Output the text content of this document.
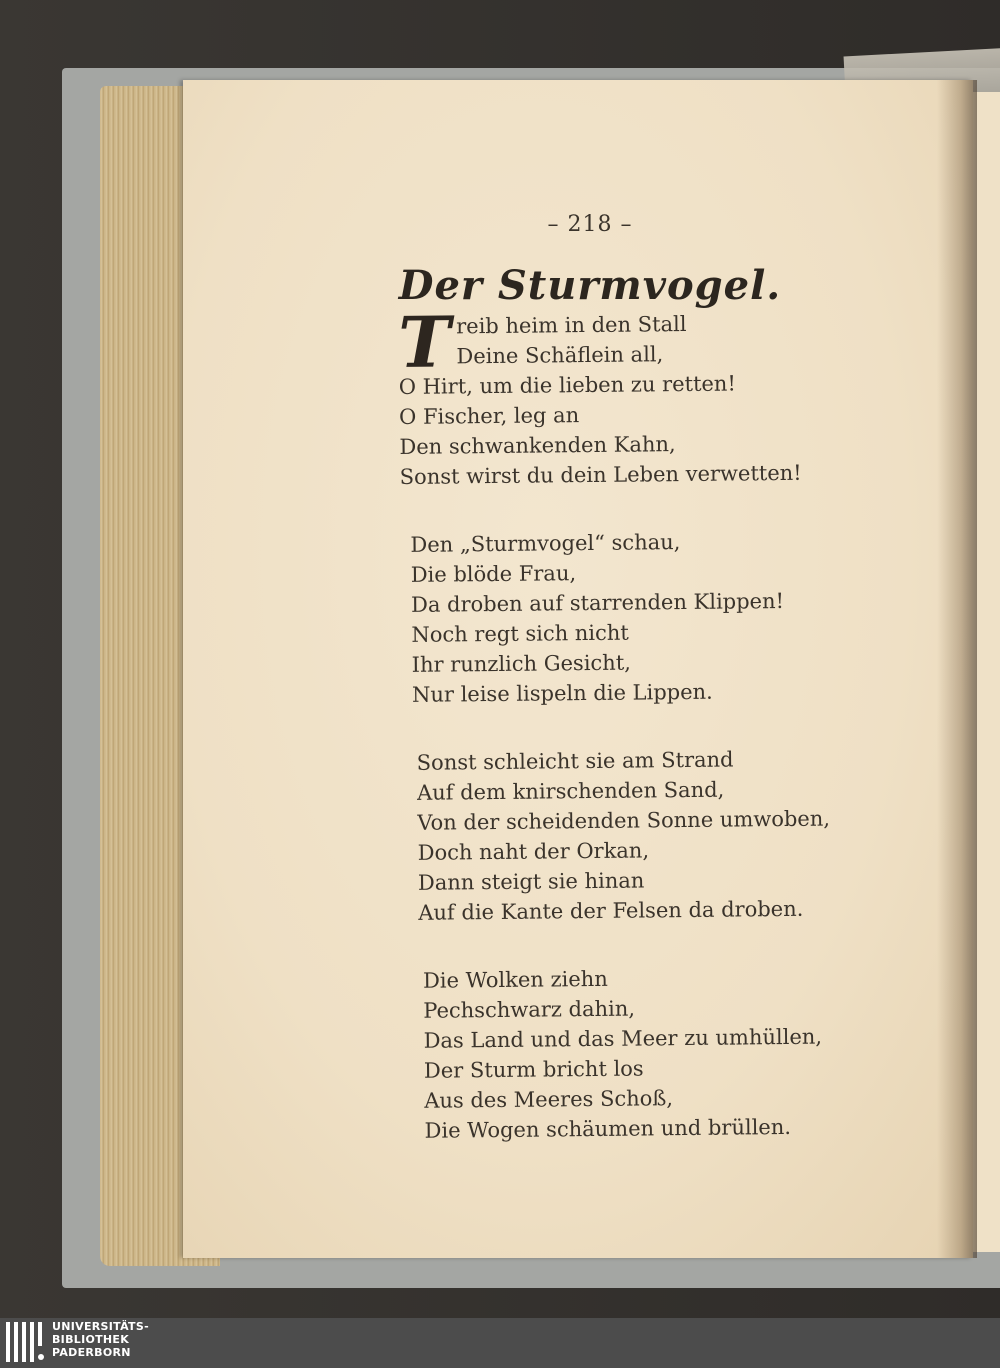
– 218 –
Der Sturmvogel.
T reib heim in den Stall
Deine Schäflein all,
O Hirt, um die lieben zu retten!
O Fischer, leg an
Den schwankenden Kahn,
Sonst wirst du dein Leben verwetten!
Den „Sturmvogel“ schau,
Die blöde Frau,
Da droben auf starrenden Klippen!
Noch regt sich nicht
Ihr runzlich Gesicht,
Nur leise lispeln die Lippen.
Sonst schleicht sie am Strand
Auf dem knirschenden Sand,
Von der scheidenden Sonne umwoben,
Doch naht der Orkan,
Dann steigt sie hinan
Auf die Kante der Felsen da droben.
Die Wolken ziehn
Pechschwarz dahin,
Das Land und das Meer zu umhüllen,
Der Sturm bricht los
Aus des Meeres Schoß,
Die Wogen schäumen und brüllen.
UNIVERSITÄTS-
BIBLIOTHEK
PADERBORN
